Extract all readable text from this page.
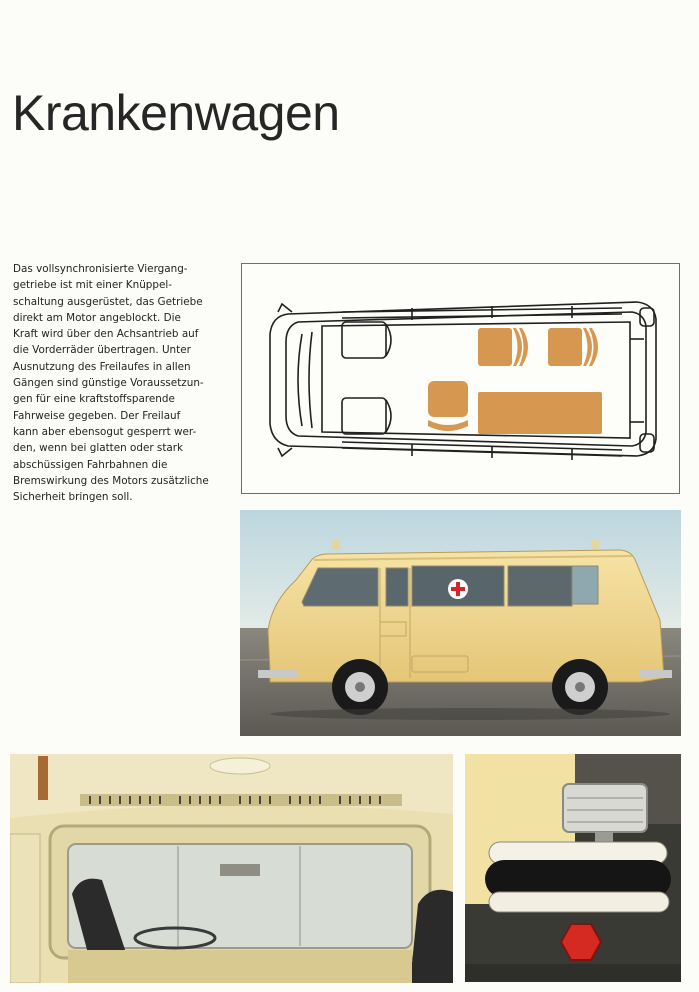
Krankenwagen
Das vollsynchronisierte Viergang-
getriebe ist mit einer Knüppel-
schaltung ausgerüstet, das Getriebe
direkt am Motor angeblockt. Die
Kraft wird über den Achsantrieb auf
die Vorderräder übertragen. Unter
Ausnutzung des Freilaufes in allen
Gängen sind günstige Voraussetzun-
gen für eine kraftstoffsparende
Fahrweise gegeben. Der Freilauf
kann aber ebensogut gesperrt wer-
den, wenn bei glatten oder stark
abschüssigen Fahrbahnen die
Bremswirkung des Motors zusätzliche
Sicherheit bringen soll.
